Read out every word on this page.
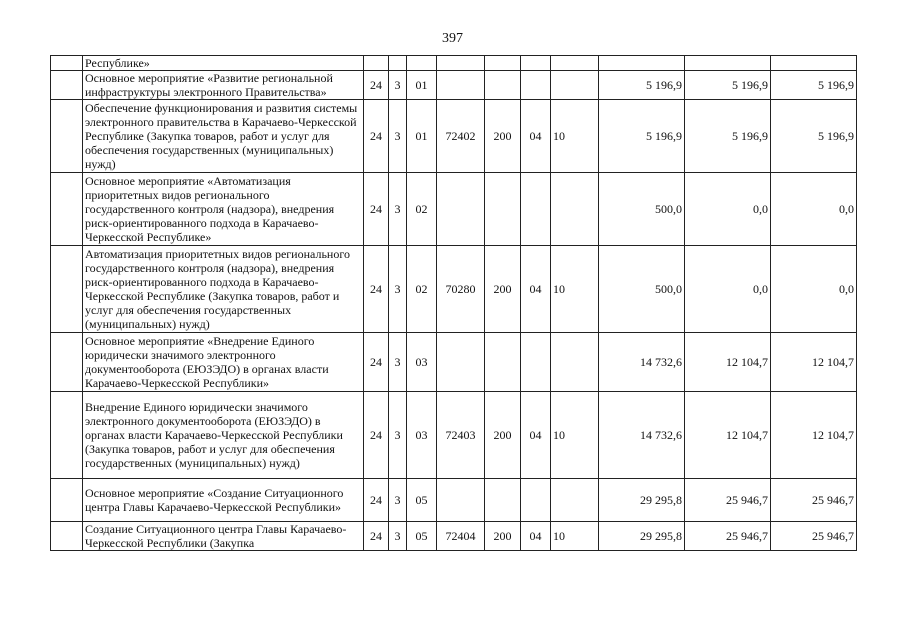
397

	Республике»										

	Основное мероприятие «Развитие региональной инфраструктуры электронного Правительства»	24	3	01					5 196,9	5 196,9	5 196,9

	Обеспечение функционирования и развития системы электронного правительства в Карачаево-Черкесской Республике (Закупка товаров, работ и услуг для обеспечения государственных (муниципальных) нужд)	24	3	01	72402	200	04	10	5 196,9	5 196,9	5 196,9

	Основное мероприятие «Автоматизация приоритетных видов регионального государственного контроля (надзора), внедрения риск-ориентированного подхода в Карачаево-Черкесской Республике»	24	3	02					500,0	0,0	0,0

	Автоматизация приоритетных видов регионального государственного контроля (надзора), внедрения риск-ориентированного подхода в Карачаево-Черкесской Республике (Закупка товаров, работ и услуг для обеспечения государственных (муниципальных) нужд)	24	3	02	70280	200	04	10	500,0	0,0	0,0

	Основное мероприятие «Внедрение Единого юридически значимого электронного документооборота (ЕЮЗЭДО) в органах власти Карачаево-Черкесской Республики»	24	3	03					14 732,6	12 104,7	12 104,7

	Внедрение Единого юридически значимого электронного документооборота (ЕЮЗЭДО) в органах власти Карачаево-Черкесской Республики (Закупка товаров, работ и услуг для обеспечения государственных (муниципальных) нужд)	24	3	03	72403	200	04	10	14 732,6	12 104,7	12 104,7

	Основное мероприятие «Создание Ситуационного центра Главы Карачаево-Черкесской Республики»	24	3	05					29 295,8	25 946,7	25 946,7

	Создание Ситуационного центра Главы Карачаево-Черкесской Республики (Закупка	24	3	05	72404	200	04	10	29 295,8	25 946,7	25 946,7
